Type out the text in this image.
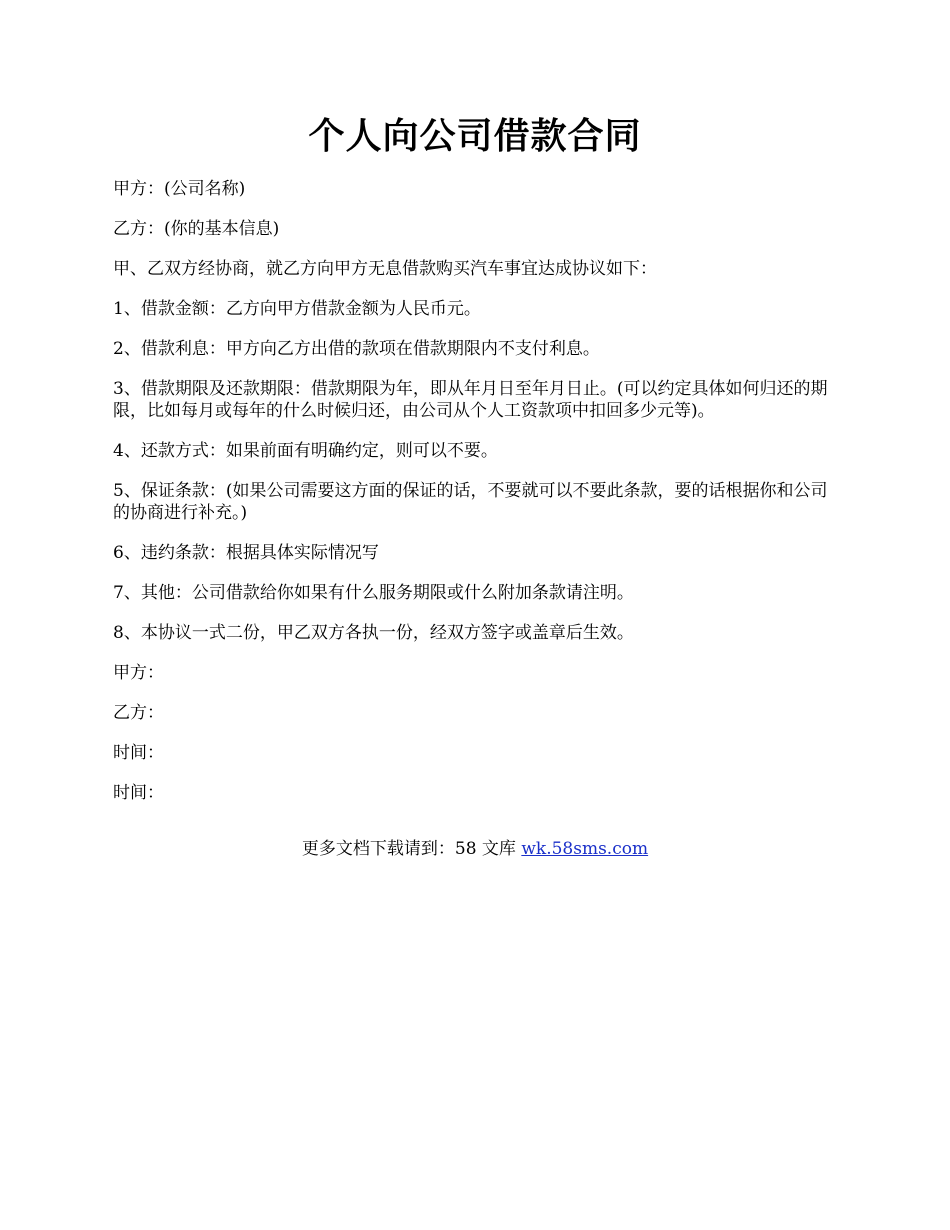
个人向公司借款合同

甲方：(公司名称)

乙方：(你的基本信息)

甲、乙双方经协商，就乙方向甲方无息借款购买汽车事宜达成协议如下：

1、借款金额：乙方向甲方借款金额为人民币元。

2、借款利息：甲方向乙方出借的款项在借款期限内不支付利息。

3、借款期限及还款期限：借款期限为年，即从年月日至年月日止。(可以约定具体如何归还的期限，比如每月或每年的什么时候归还，由公司从个人工资款项中扣回多少元等)。

4、还款方式：如果前面有明确约定，则可以不要。

5、保证条款：(如果公司需要这方面的保证的话，不要就可以不要此条款，要的话根据你和公司的协商进行补充。)

6、违约条款：根据具体实际情况写

7、其他：公司借款给你如果有什么服务期限或什么附加条款请注明。

8、本协议一式二份，甲乙双方各执一份，经双方签字或盖章后生效。

甲方：

乙方：

时间：

时间：

更多文档下载请到：58 文库 wk.58sms.com
